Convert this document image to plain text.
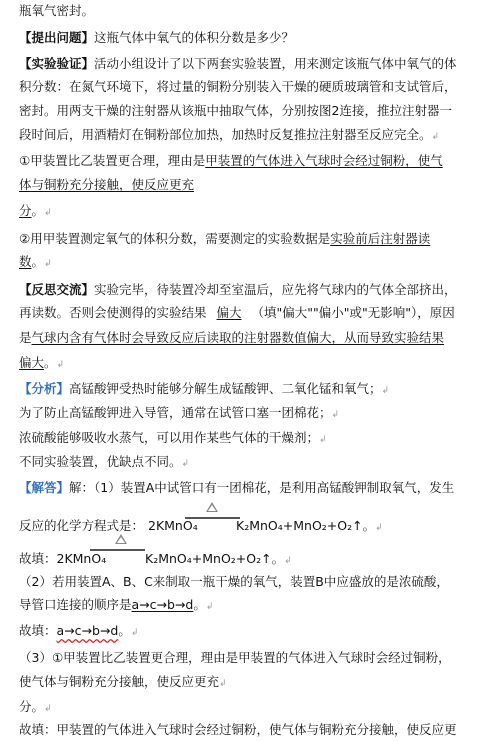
瓶氧气密封。
【提出问题】这瓶气体中氧气的体积分数是多少？
【实验验证】活动小组设计了以下两套实验装置，用来测定该瓶气体中氧气的体
积分数：在氮气环境下，将过量的铜粉分别装入干燥的硬质玻璃管和支试管后，
密封。用两支干燥的注射器从该瓶中抽取气体，分别按图2连接，推拉注射器一
段时间后，用酒精灯在铜粉部位加热，加热时反复推拉注射器至反应完全。↲
①甲装置比乙装置更合理，理由是甲装置的气体进入气球时会经过铜粉，使气
体与铜粉充分接触，使反应更充
分。↲
②用甲装置测定氧气的体积分数，需要测定的实验数据是实验前后注射器读
数。↲
【反思交流】实验完毕，待装置冷却至室温后，应先将气球内的气体全部挤出，
再读数。否则会使测得的实验结果 偏大 （填"偏大""偏小"或"无影响"），原因
是气球内含有气体时会导致反应后读取的注射器数值偏大，从而导致实验结果
偏大。↲
【分析】高锰酸钾受热时能够分解生成锰酸钾、二氧化锰和氧气；↲
为了防止高锰酸钾进入导管，通常在试管口塞一团棉花；↲
浓硫酸能够吸收水蒸气，可以用作某些气体的干燥剂；↲
不同实验装置，优缺点不同。↲
【解答】解：（1）装置A中试管口有一团棉花，是利用高锰酸钾制取氧气，发生
反应的化学方程式是： 2KMnO₄	K₂MnO₄+MnO₂+O₂↑。↲
故填：2KMnO₄	K₂MnO₄+MnO₂+O₂↑。↲
（2）若用装置A、B、C来制取一瓶干燥的氧气，装置B中应盛放的是浓硫酸，
导管口连接的顺序是a→c→b→d。↲
故填：a→c→b→d。↲
（3）①甲装置比乙装置更合理，理由是甲装置的气体进入气球时会经过铜粉，
使气体与铜粉充分接触，使反应更充↲
分。↲
故填：甲装置的气体进入气球时会经过铜粉，使气体与铜粉充分接触，使反应更
